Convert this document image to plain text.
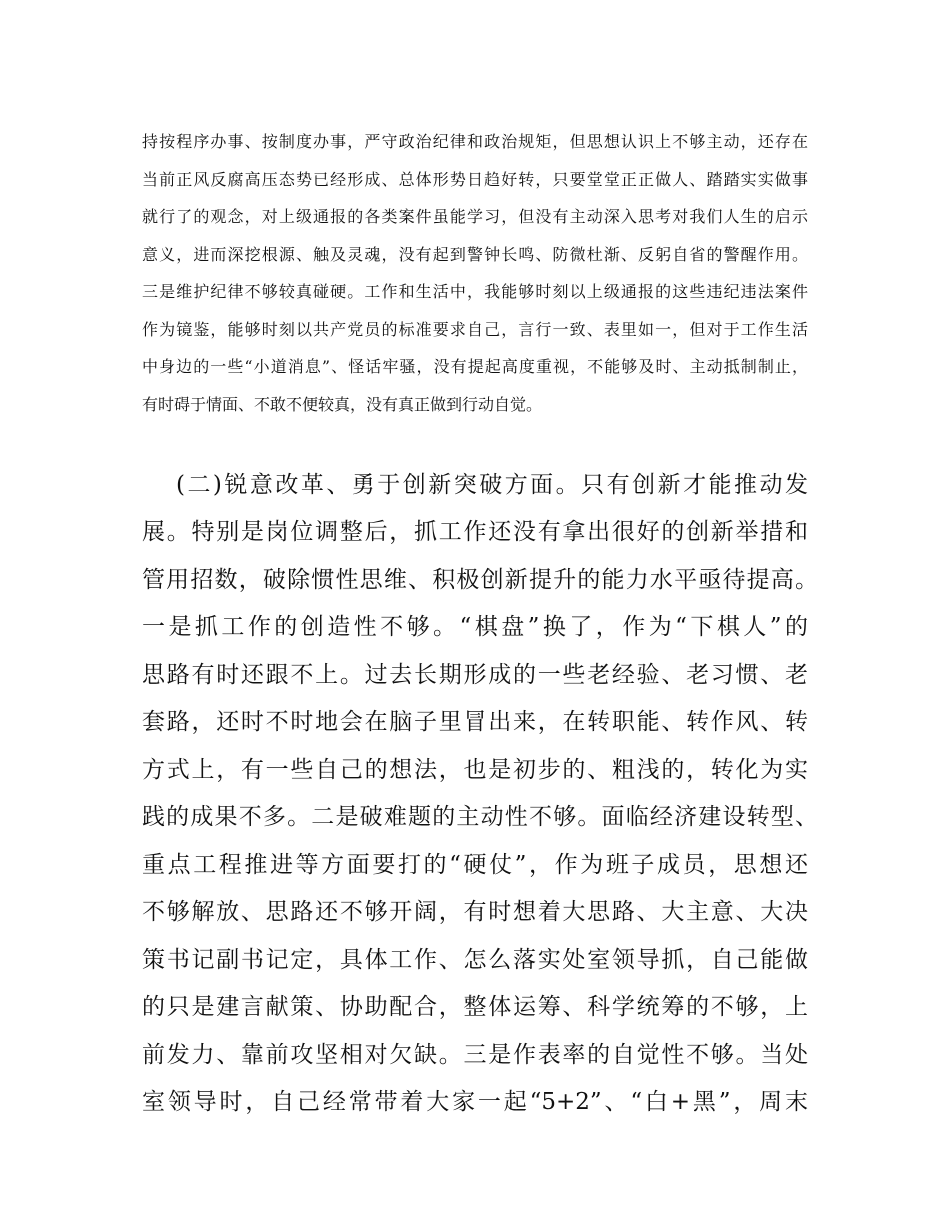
持按程序办事、按制度办事，严守政治纪律和政治规矩，但思想认识上不够主动，还存在
当前正风反腐高压态势已经形成、总体形势日趋好转，只要堂堂正正做人、踏踏实实做事
就行了的观念，对上级通报的各类案件虽能学习，但没有主动深入思考对我们人生的启示
意义，进而深挖根源、触及灵魂，没有起到警钟长鸣、防微杜渐、反躬自省的警醒作用。
三是维护纪律不够较真碰硬。工作和生活中，我能够时刻以上级通报的这些违纪违法案件
作为镜鉴，能够时刻以共产党员的标准要求自己，言行一致、表里如一，但对于工作生活
中身边的一些“小道消息”、怪话牢骚，没有提起高度重视，不能够及时、主动抵制制止，
有时碍于情面、不敢不便较真，没有真正做到行动自觉。
(二)锐意改革、勇于创新突破方面。只有创新才能推动发
展。特别是岗位调整后，抓工作还没有拿出很好的创新举措和
管用招数，破除惯性思维、积极创新提升的能力水平亟待提高。
一是抓工作的创造性不够。“棋盘”换了，作为“下棋人”的
思路有时还跟不上。过去长期形成的一些老经验、老习惯、老
套路，还时不时地会在脑子里冒出来，在转职能、转作风、转
方式上，有一些自己的想法，也是初步的、粗浅的，转化为实
践的成果不多。二是破难题的主动性不够。面临经济建设转型、
重点工程推进等方面要打的“硬仗”，作为班子成员，思想还
不够解放、思路还不够开阔，有时想着大思路、大主意、大决
策书记副书记定，具体工作、怎么落实处室领导抓，自己能做
的只是建言献策、协助配合，整体运筹、科学统筹的不够，上
前发力、靠前攻坚相对欠缺。三是作表率的自觉性不够。当处
室领导时，自己经常带着大家一起“5+2”、“白+黑”，周末
